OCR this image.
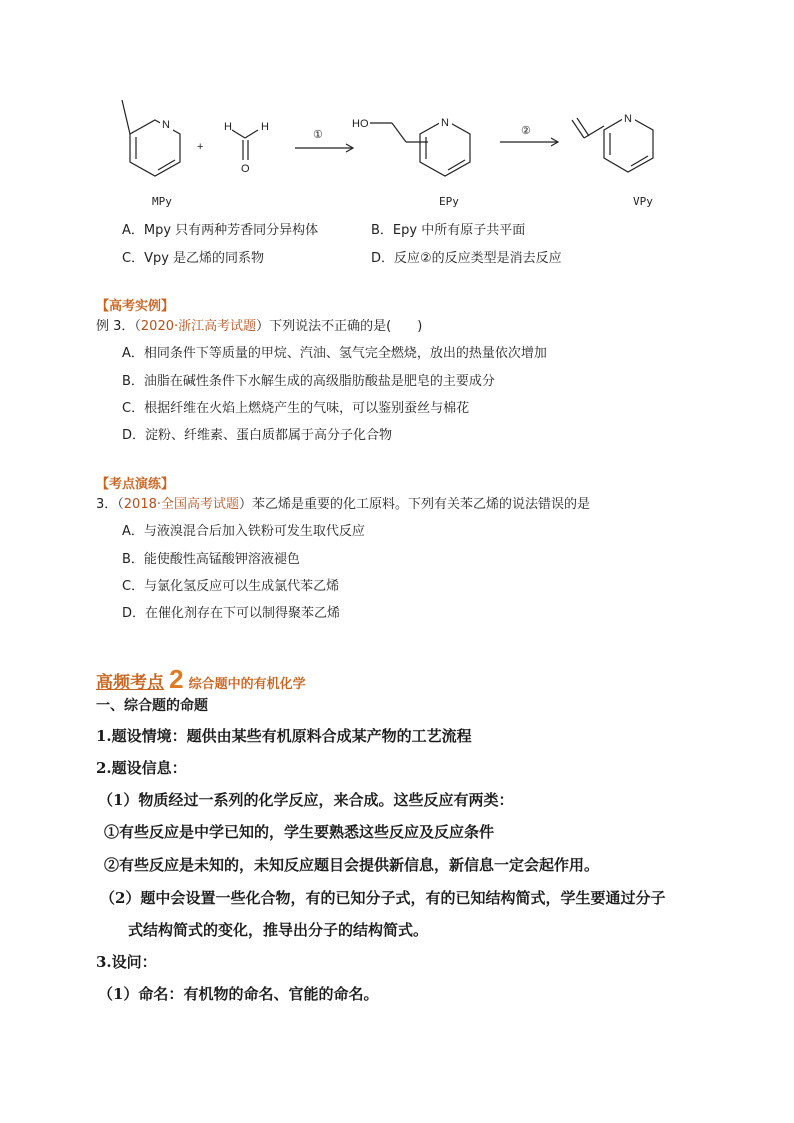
N
+
H	H
O
①
HO	N
②
N
MPy	EPy	VPy
A．Mpy 只有两种芳香同分异构体	B．Epy 中所有原子共平面
C．Vpy 是乙烯的同系物	D．反应②的反应类型是消去反应
【高考实例】
例 3．（2020·浙江高考试题）下列说法不正确的是(　　)
A．相同条件下等质量的甲烷、汽油、氢气完全燃烧，放出的热量依次增加
B．油脂在碱性条件下水解生成的高级脂肪酸盐是肥皂的主要成分
C．根据纤维在火焰上燃烧产生的气味，可以鉴别蚕丝与棉花
D．淀粉、纤维素、蛋白质都属于高分子化合物
【考点演练】
3．（2018·全国高考试题）苯乙烯是重要的化工原料。下列有关苯乙烯的说法错误的是
A．与液溴混合后加入铁粉可发生取代反应
B．能使酸性高锰酸钾溶液褪色
C．与氯化氢反应可以生成氯代苯乙烯
D．在催化剂存在下可以制得聚苯乙烯
高频考点 2 综合题中的有机化学
一、综合题的命题
1.题设情境：题供由某些有机原料合成某产物的工艺流程
2.题设信息：
（1）物质经过一系列的化学反应，来合成。这些反应有两类：
①有些反应是中学已知的，学生要熟悉这些反应及反应条件
②有些反应是未知的，未知反应题目会提供新信息，新信息一定会起作用。
（2）题中会设置一些化合物，有的已知分子式，有的已知结构简式，学生要通过分子
式结构简式的变化，推导出分子的结构简式。
3.设问：
（1）命名：有机物的命名、官能的命名。
